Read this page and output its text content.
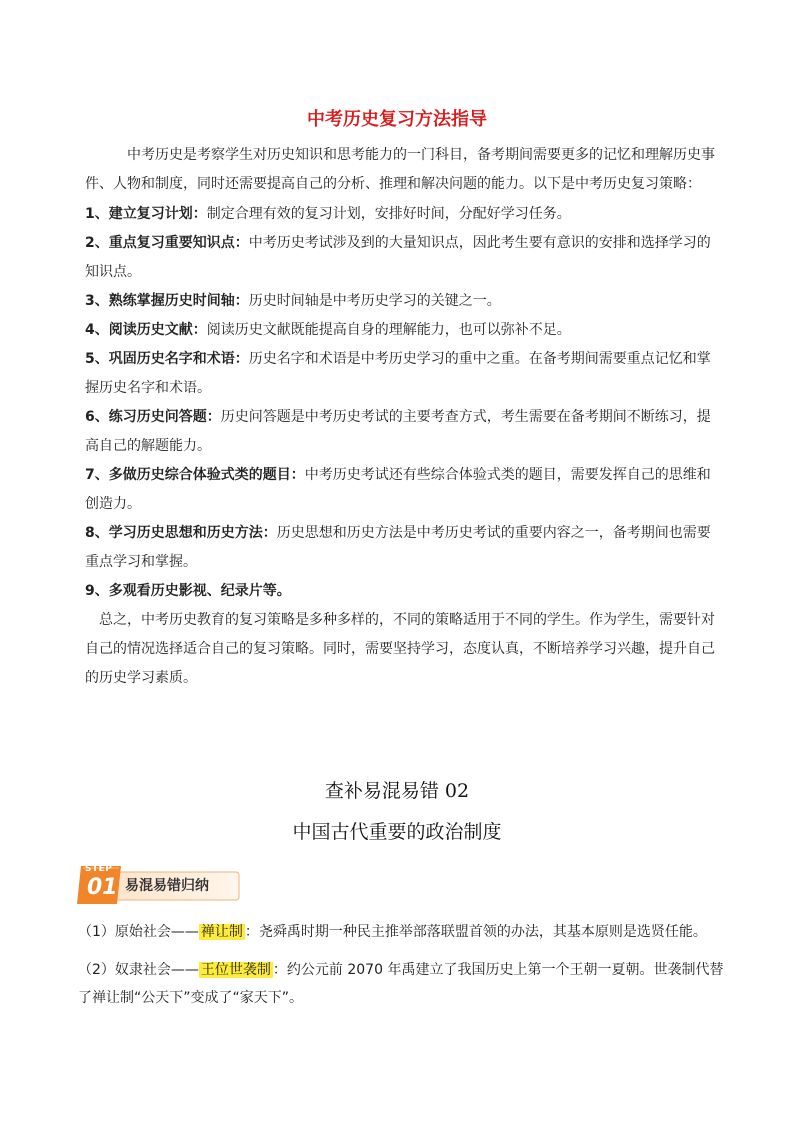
中考历史复习方法指导
中考历史是考察学生对历史知识和思考能力的一门科目，备考期间需要更多的记忆和理解历史事件、人物和制度，同时还需要提高自己的分析、推理和解决问题的能力。以下是中考历史复习策略：
1、建立复习计划：制定合理有效的复习计划，安排好时间，分配好学习任务。
2、重点复习重要知识点：中考历史考试涉及到的大量知识点，因此考生要有意识的安排和选择学习的知识点。
3、熟练掌握历史时间轴：历史时间轴是中考历史学习的关键之一。
4、阅读历史文献：阅读历史文献既能提高自身的理解能力，也可以弥补不足。
5、巩固历史名字和术语：历史名字和术语是中考历史学习的重中之重。在备考期间需要重点记忆和掌握历史名字和术语。
6、练习历史问答题：历史问答题是中考历史考试的主要考查方式，考生需要在备考期间不断练习，提高自己的解题能力。
7、多做历史综合体验式类的题目：中考历史考试还有些综合体验式类的题目，需要发挥自己的思维和创造力。
8、学习历史思想和历史方法：历史思想和历史方法是中考历史考试的重要内容之一，备考期间也需要重点学习和掌握。
9、多观看历史影视、纪录片等。
总之，中考历史教育的复习策略是多种多样的，不同的策略适用于不同的学生。作为学生，需要针对自己的情况选择适合自己的复习策略。同时，需要坚持学习，态度认真，不断培养学习兴趣，提升自己的历史学习素质。
查补易混易错 02
中国古代重要的政治制度
STEP
01 易混易错归纳
（1）原始社会—— 禅让制 ：尧舜禹时期一种民主推举部落联盟首领的办法，其基本原则是选贤任能。
（2）奴隶社会—— 王位世袭制 ：约公元前 2070 年禹建立了我国历史上第一个王朝一夏朝。世袭制代替了禅让制“公天下”变成了“家天下”。
